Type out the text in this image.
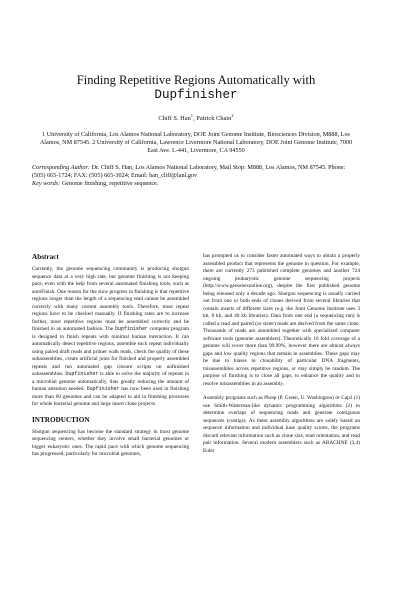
Finding Repetitive Regions Automatically with
Dupfinisher
Chiff S. Han$^1$, Patrick Chain$^2$
1 University of California, Los Alamos National Laboratory, DOE Joint Genome Institute, Biosciences Division, M888, Los Alamos, NM 87545. 2 University of California, Lawrence Livermore National Laboratory, DOE Joint Genome Institute, 7000 East Ave. L-441, Livermore, CA 94550
Corresponding Author: Dr. Chiff S. Han, Los Alamos National Laboratory, Mail Stop: M888, Los Alamos, NM 87545. Phone: (505) 665-1724; FAX: (505) 665-3024; Email: han_cliff@lanl.gov
Key words: Genome finishing, repetitive sequence.
Abstract

Currently, the genome sequencing community is producing shotgun sequence data at a very high rate, but genome finishing is not keeping pace, even with the help from several automated finishing tools, such as autoFinish. One reason for the slow progress in finishing is that repetitive regions longer than the length of a sequencing read cannot be assembled correctly with many current assembly tools. Therefore, most repeat regions have to be checked manually. If finishing rates are to increase further, most repetitive regions must be assembled correctly and be finished in an automated fashion. The Dupfinisher computer program is designed to finish repeats with minimal human interaction. It can automatically detect repetitive regions, assemble each repeat individually using paired draft reads and primer walk reads, check the quality of these subassemblies, create artificial joins for finished and properly assembled repeats and run automated gap closure scripts on unfinished subassemblies. Dupfinisher is able to solve the majority of repeats in a microbial genome automatically, thus greatly reducing the amount of human attention needed. Dupfinisher has now been used in finishing more than 60 genomes and can be adapted to aid in finishing processes for whole bacterial genome and large insert clone projects.

INTRODUCTION

Shotgun sequencing has become the standard strategy in most genome sequencing centers, whether they involve small bacterial genomes or bigger eukaryotic ones. The rapid pace with which genome sequencing has progressed, particularly for microbial genomes,

has prompted us to consider faster automated ways to obtain a properly assembled product that represents the genome in question. For example, there are currently 273 published complete genomes and another 724 ongoing prokaryotic genome sequencing projects (http://www.genomesonline.org), despite the first published genome being released only a decade ago. Shotgun sequencing is usually carried out from one or both ends of clones derived from several libraries that contain inserts of different sizes (e.g. the Joint Genome Institute uses 3 kb, 8 kb, and 40 kb libraries). Data from one end (a sequencing run) is called a read and paired (or sister) reads are derived from the same clone. Thousands of reads are assembled together with specialized computer software tools (genome assemblers). Theoretically 10 fold coverage of a genome will cover more than 99.99%, however there are almost always gaps and low quality regions that remain in assemblies. These gaps may be due to biases in clonability of particular DNA fragments, misassemblies across repetitive regions, or may simply be random. The purpose of finishing is to close all gaps, to enhance the quality and to resolve misassemblies in an assembly.

Assembly programs such as Phrap (P. Green, U. Washington) or Cap3 (1) use Smith-Waterman-like dynamic programming algorithms (2) to determine overlaps of sequencing reads and generate contiguous sequences (contigs). As these assembly algorithms are solely based on sequence information and individual base quality scores, the programs discard relevant information such as clone size, read orientation, and read pair information. Several modern assemblers such as ARACHNE (3,4) Euler
